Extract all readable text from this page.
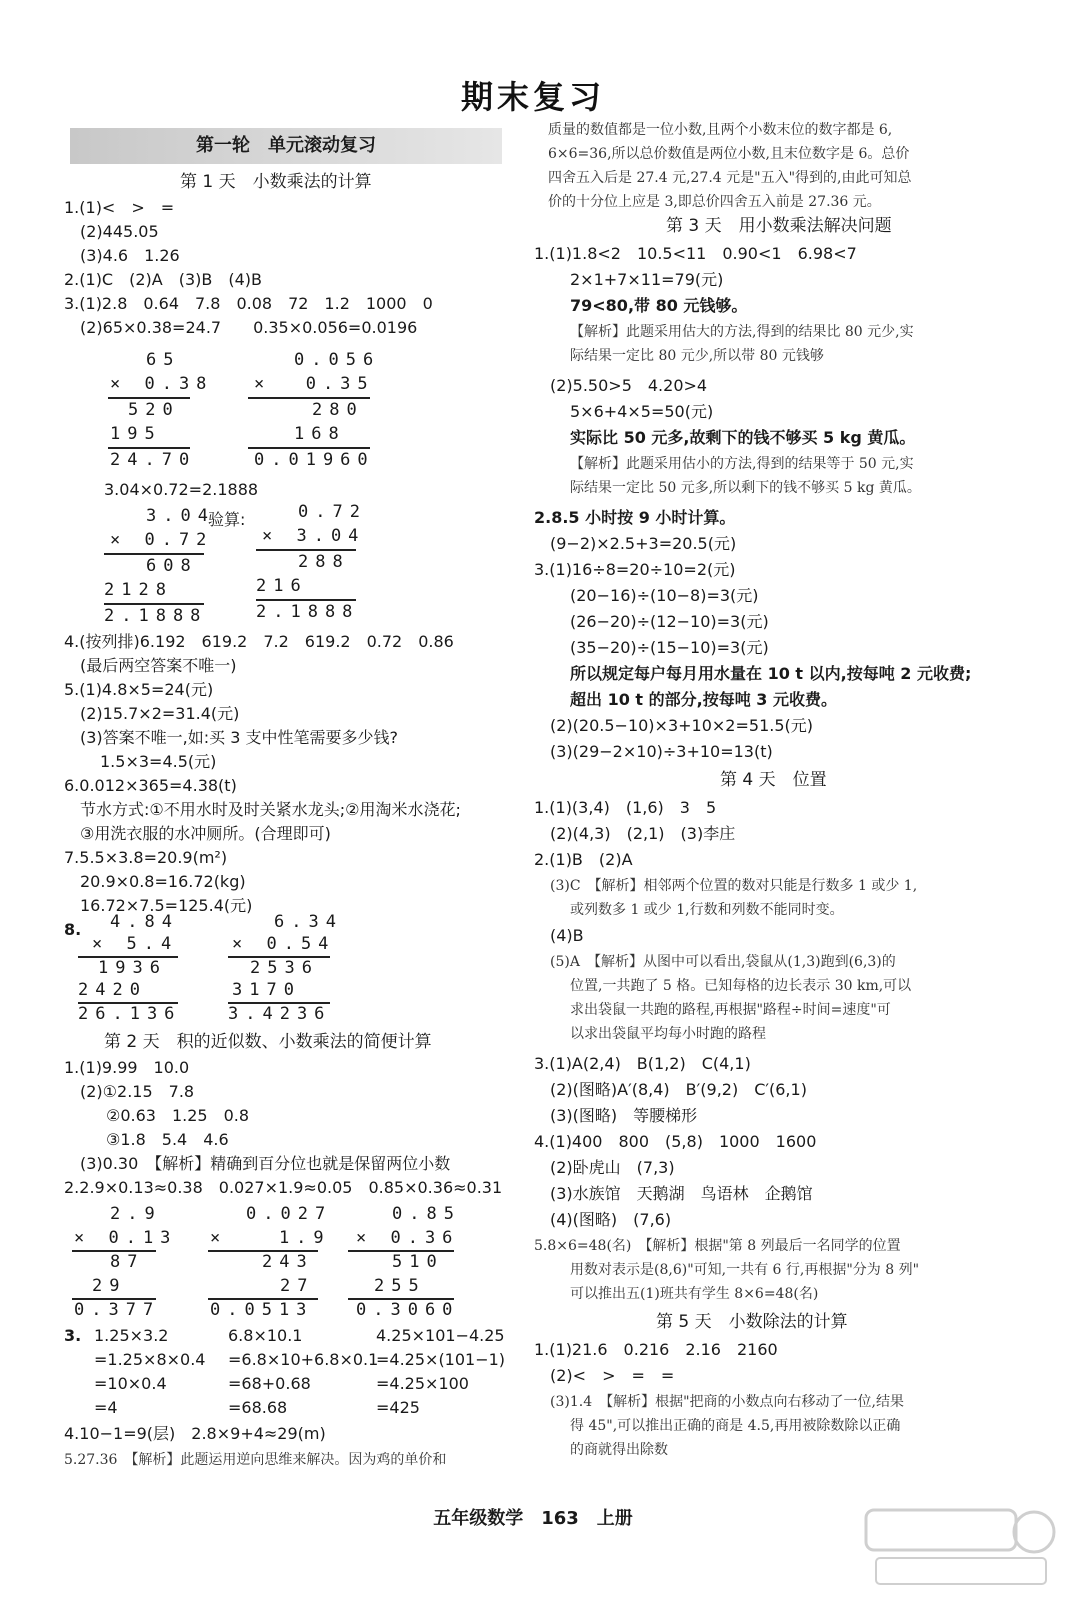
期末复习
第一轮　单元滚动复习
第 1 天　小数乘法的计算
1.(1)<　>　=
(2)445.05
(3)4.6　1.26
2.(1)C　(2)A　(3)B　(4)B
3.(1)2.8　0.64　7.8　0.08　72　1.2　1000　0
(2)65×0.38=24.7　　0.35×0.056=0.0196
65
× 0.38
520
195
24.70
0.056
×  0.35
280
168
0.01960
3.04×0.72=2.1888
3.04
× 0.72
608
2128
2.1888
验算:	0.72
× 3.04
288
216
2.1888
4.(按列排)6.192　619.2　7.2　619.2　0.72　0.86
(最后两空答案不唯一)
5.(1)4.8×5=24(元)
(2)15.7×2=31.4(元)
(3)答案不唯一,如:买 3 支中性笔需要多少钱?
1.5×3=4.5(元)
6.0.012×365=4.38(t)
节水方式:①不用水时及时关紧水龙头;②用淘米水浇花;
③用洗衣服的水冲厕所。(合理即可)
7.5.5×3.8=20.9(m²)
20.9×0.8=16.72(kg)
16.72×7.5=125.4(元)
8. 4.84
× 5.4
1936
2420
26.136
6.34
× 0.54
2536
3170
3.4236
第 2 天　积的近似数、小数乘法的简便计算
1.(1)9.99　10.0
(2)①2.15　7.8
②0.63　1.25　0.8
③1.8　5.4　4.6
(3)0.30　【解析】精确到百分位也就是保留两位小数
2.2.9×0.13≈0.38　0.027×1.9≈0.05　0.85×0.36≈0.31
2.9
× 0.13
87
29
0.377
0.027
×   1.9
243
27
0.0513
0.85
× 0.36
510
255
0.3060
3. 1.25×3.2
=1.25×8×0.4
=10×0.4
=4
6.8×10.1
=6.8×10+6.8×0.1
=68+0.68
=68.68
4.25×101−4.25
=4.25×(101−1)
=4.25×100
=425
4.10−1=9(层)　2.8×9+4≈29(m)
5.27.36　【解析】此题运用逆向思维来解决。因为鸡的单价和
质量的数值都是一位小数,且两个小数末位的数字都是 6,
6×6=36,所以总价数值是两位小数,且末位数字是 6。总价
四舍五入后是 27.4 元,27.4 元是"五入"得到的,由此可知总
价的十分位上应是 3,即总价四舍五入前是 27.36 元。
第 3 天　用小数乘法解决问题
1.(1)1.8<2　10.5<11　0.90<1　6.98<7
2×1+7×11=79(元)
79<80,带 80 元钱够。
【解析】此题采用估大的方法,得到的结果比 80 元少,实
际结果一定比 80 元少,所以带 80 元钱够
(2)5.50>5　4.20>4
5×6+4×5=50(元)
实际比 50 元多,故剩下的钱不够买 5 kg 黄瓜。
【解析】此题采用估小的方法,得到的结果等于 50 元,实
际结果一定比 50 元多,所以剩下的钱不够买 5 kg 黄瓜。
2.8.5 小时按 9 小时计算。
(9−2)×2.5+3=20.5(元)
3.(1)16÷8=20÷10=2(元)
(20−16)÷(10−8)=3(元)
(26−20)÷(12−10)=3(元)
(35−20)÷(15−10)=3(元)
所以规定每户每月用水量在 10 t 以内,按每吨 2 元收费;
超出 10 t 的部分,按每吨 3 元收费。
(2)(20.5−10)×3+10×2=51.5(元)
(3)(29−2×10)÷3+10=13(t)
第 4 天　位置
1.(1)(3,4)　(1,6)　3　5
(2)(4,3)　(2,1)　(3)李庄
2.(1)B　(2)A
(3)C　【解析】相邻两个位置的数对只能是行数多 1 或少 1,
或列数多 1 或少 1,行数和列数不能同时变。
(4)B
(5)A　【解析】从图中可以看出,袋鼠从(1,3)跑到(6,3)的
位置,一共跑了 5 格。已知每格的边长表示 30 km,可以
求出袋鼠一共跑的路程,再根据"路程÷时间=速度"可
以求出袋鼠平均每小时跑的路程
3.(1)A(2,4)　B(1,2)　C(4,1)
(2)(图略)A′(8,4)　B′(9,2)　C′(6,1)
(3)(图略)　等腰梯形
4.(1)400　800　(5,8)　1000　1600
(2)卧虎山　(7,3)
(3)水族馆　天鹅湖　鸟语林　企鹅馆
(4)(图略)　(7,6)
5.8×6=48(名)　【解析】根据"第 8 列最后一名同学的位置
用数对表示是(8,6)"可知,一共有 6 行,再根据"分为 8 列"
可以推出五(1)班共有学生 8×6=48(名)
第 5 天　小数除法的计算
1.(1)21.6　0.216　2.16　2160
(2)<　>　=　=
(3)1.4　【解析】根据"把商的小数点向右移动了一位,结果
得 45",可以推出正确的商是 4.5,再用被除数除以正确
的商就得出除数
五年级数学　163　上册
